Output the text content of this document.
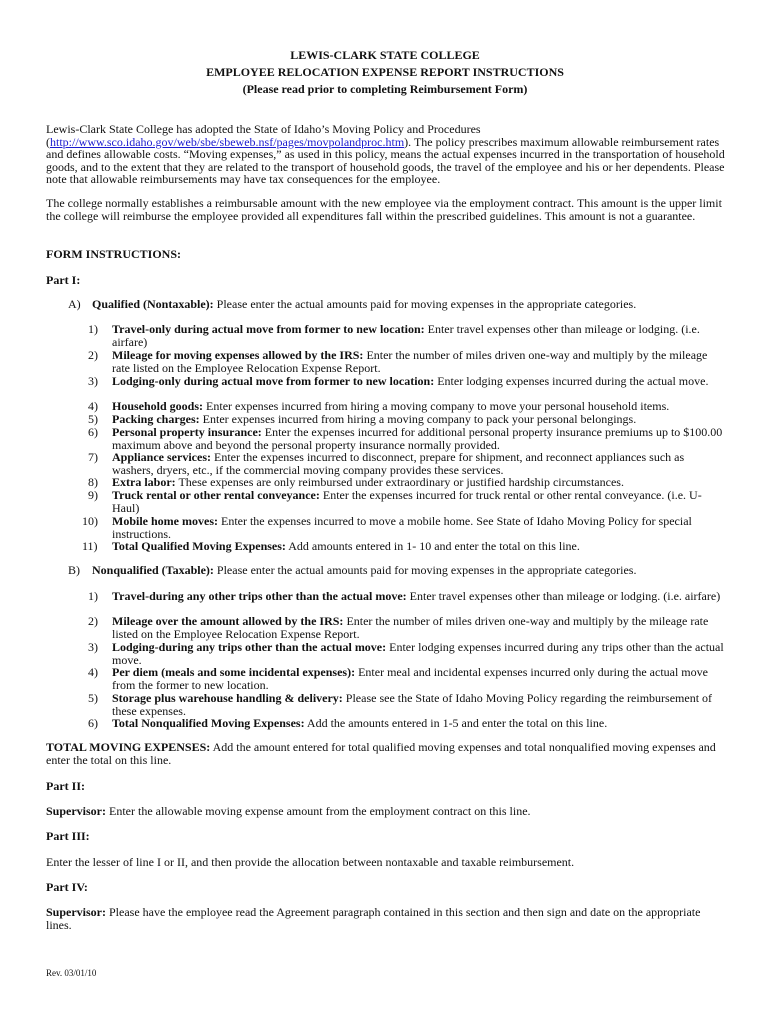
LEWIS-CLARK STATE COLLEGE
EMPLOYEE RELOCATION EXPENSE REPORT INSTRUCTIONS
(Please read prior to completing Reimbursement Form)
Lewis-Clark State College has adopted the State of Idaho’s Moving Policy and Procedures (http://www.sco.idaho.gov/web/sbe/sbeweb.nsf/pages/movpolandproc.htm). The policy prescribes maximum allowable reimbursement rates and defines allowable costs. “Moving expenses,” as used in this policy, means the actual expenses incurred in the transportation of household goods, and to the extent that they are related to the transport of household goods, the travel of the employee and his or her dependents. Please note that allowable reimbursements may have tax consequences for the employee.
The college normally establishes a reimbursable amount with the new employee via the employment contract. This amount is the upper limit the college will reimburse the employee provided all expenditures fall within the prescribed guidelines. This amount is not a guarantee.
FORM INSTRUCTIONS:
Part I:
A) Qualified (Nontaxable): Please enter the actual amounts paid for moving expenses in the appropriate categories.
1) Travel-only during actual move from former to new location: Enter travel expenses other than mileage or lodging. (i.e. airfare)
2) Mileage for moving expenses allowed by the IRS: Enter the number of miles driven one-way and multiply by the mileage rate listed on the Employee Relocation Expense Report.
3) Lodging-only during actual move from former to new location: Enter lodging expenses incurred during the actual move.
4) Household goods: Enter expenses incurred from hiring a moving company to move your personal household items.
5) Packing charges: Enter expenses incurred from hiring a moving company to pack your personal belongings.
6) Personal property insurance: Enter the expenses incurred for additional personal property insurance premiums up to $100.00 maximum above and beyond the personal property insurance normally provided.
7) Appliance services: Enter the expenses incurred to disconnect, prepare for shipment, and reconnect appliances such as washers, dryers, etc., if the commercial moving company provides these services.
8) Extra labor: These expenses are only reimbursed under extraordinary or justified hardship circumstances.
9) Truck rental or other rental conveyance: Enter the expenses incurred for truck rental or other rental conveyance. (i.e. U-Haul)
10) Mobile home moves: Enter the expenses incurred to move a mobile home. See State of Idaho Moving Policy for special instructions.
11) Total Qualified Moving Expenses: Add amounts entered in 1- 10 and enter the total on this line.
B) Nonqualified (Taxable): Please enter the actual amounts paid for moving expenses in the appropriate categories.
1) Travel-during any other trips other than the actual move: Enter travel expenses other than mileage or lodging. (i.e. airfare)
2) Mileage over the amount allowed by the IRS: Enter the number of miles driven one-way and multiply by the mileage rate listed on the Employee Relocation Expense Report.
3) Lodging-during any trips other than the actual move: Enter lodging expenses incurred during any trips other than the actual move.
4) Per diem (meals and some incidental expenses): Enter meal and incidental expenses incurred only during the actual move from the former to new location.
5) Storage plus warehouse handling & delivery: Please see the State of Idaho Moving Policy regarding the reimbursement of these expenses.
6) Total Nonqualified Moving Expenses: Add the amounts entered in 1-5 and enter the total on this line.
TOTAL MOVING EXPENSES: Add the amount entered for total qualified moving expenses and total nonqualified moving expenses and enter the total on this line.
Part II:
Supervisor: Enter the allowable moving expense amount from the employment contract on this line.
Part III:
Enter the lesser of line I or II, and then provide the allocation between nontaxable and taxable reimbursement.
Part IV:
Supervisor: Please have the employee read the Agreement paragraph contained in this section and then sign and date on the appropriate lines.
Rev. 03/01/10
